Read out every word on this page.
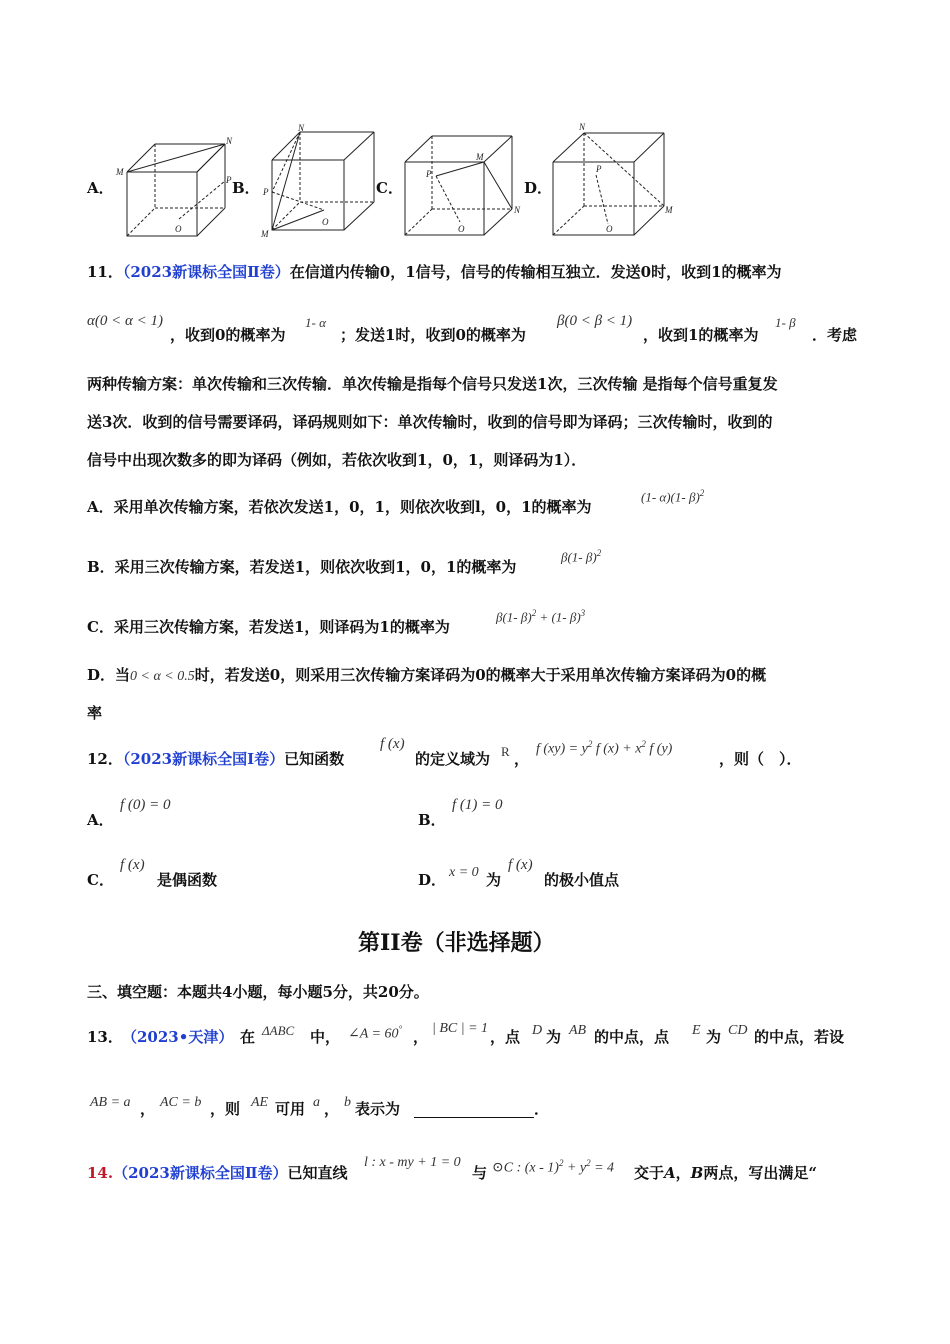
A．
M
N
P
O
B．
N
P
M
O
C．
P
M
N
O
D．
N
P
M
O
11．（2023新课标全国Ⅱ卷）在信道内传输0，1信号，信号的传输相互独立．发送0时，收到1的概率为
α(0 < α < 1)
，收到0的概率为
1- α
；发送1时，收到0的概率为
β(0 < β < 1)
，收到1的概率为
1- β
．考虑
两种传输方案：单次传输和三次传输．单次传输是指每个信号只发送1次，三次传输 是指每个信号重复发
送3次．收到的信号需要译码，译码规则如下：单次传输时，收到的信号即为译码；三次传输时，收到的
信号中出现次数多的即为译码（例如，若依次收到1，0，1，则译码为1）．
A．采用单次传输方案，若依次发送1，0，1，则依次收到l，0，1的概率为
(1- α)(1- β)$^2$
B．采用三次传输方案，若发送1，则依次收到1，0，1的概率为
β(1- β)$^2$
C．采用三次传输方案，若发送1，则译码为1的概率为
β(1- β)$^2$ + (1- β)$^3$
D．当0 < α < 0.5时，若发送0，则采用三次传输方案译码为0的概率大于采用单次传输方案译码为0的概
率
12．（2023新课标全国Ⅰ卷）已知函数
f (x)
的定义域为 R ，
f $(xy) = y^2$ f $(x) + x^2$ f (y)
，则（　）．
A．
f (0) = 0
B．
f (1) = 0
C．
f (x)
是偶函数	D． x = 0 为
f (x)
的极小值点
第II卷（非选择题）
三、填空题：本题共4小题，每小题5分，共20分。
13． （2023•天津） 在 ΔABC 中， ∠A = 60° ， | BC | = 1 ，点 D 为 AB 的中点，点 E 为 CD 的中点，若设
AB = a ， AC = b ，则 AE 可用 a ， b 表示为	．
14.（2023新课标全国Ⅱ卷）已知直线
l : x - my + 1 = 0
与 ⊙C : $(x - 1)^2 + y^2 = 4$ 交于A，B两点，写出满足“
